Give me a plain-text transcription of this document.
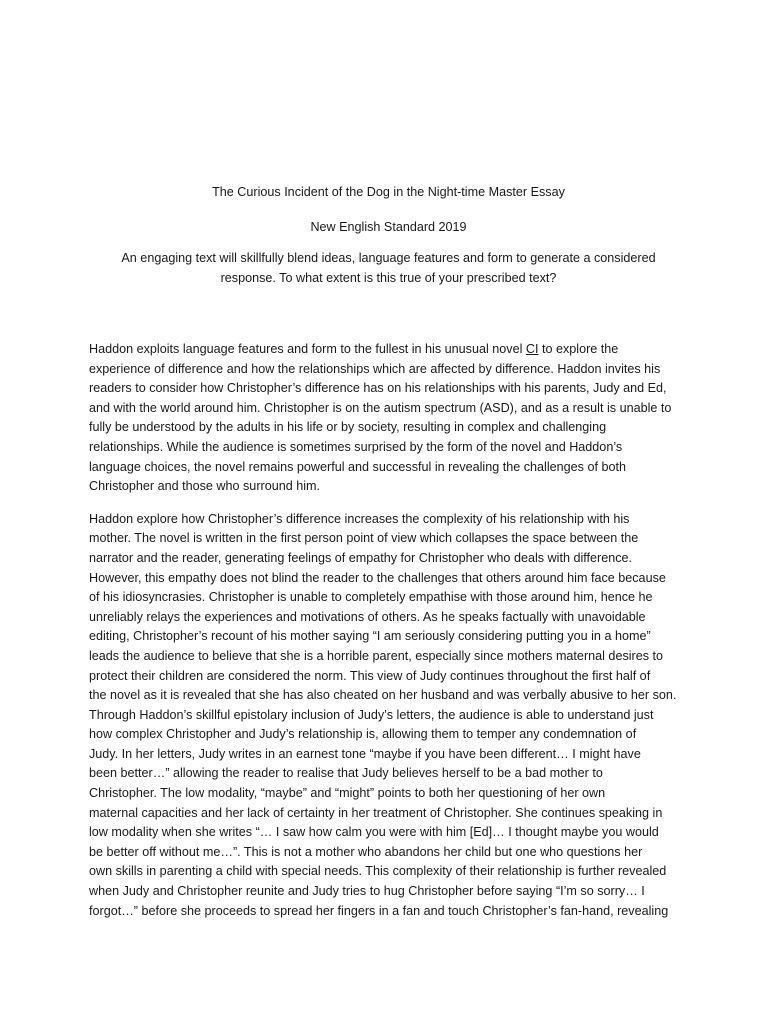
The Curious Incident of the Dog in the Night-time Master Essay

New English Standard 2019

An engaging text will skillfully blend ideas, language features and form to generate a considered
response. To what extent is this true of your prescribed text?

Haddon exploits language features and form to the fullest in his unusual novel CI to explore the
experience of difference and how the relationships which are affected by difference. Haddon invites his
readers to consider how Christopher’s difference has on his relationships with his parents, Judy and Ed,
and with the world around him. Christopher is on the autism spectrum (ASD), and as a result is unable to
fully be understood by the adults in his life or by society, resulting in complex and challenging
relationships. While the audience is sometimes surprised by the form of the novel and Haddon’s
language choices, the novel remains powerful and successful in revealing the challenges of both
Christopher and those who surround him.

Haddon explore how Christopher’s difference increases the complexity of his relationship with his
mother. The novel is written in the first person point of view which collapses the space between the
narrator and the reader, generating feelings of empathy for Christopher who deals with difference.
However, this empathy does not blind the reader to the challenges that others around him face because
of his idiosyncrasies. Christopher is unable to completely empathise with those around him, hence he
unreliably relays the experiences and motivations of others. As he speaks factually with unavoidable
editing, Christopher’s recount of his mother saying “I am seriously considering putting you in a home”
leads the audience to believe that she is a horrible parent, especially since mothers maternal desires to
protect their children are considered the norm. This view of Judy continues throughout the first half of
the novel as it is revealed that she has also cheated on her husband and was verbally abusive to her son.
Through Haddon’s skillful epistolary inclusion of Judy’s letters, the audience is able to understand just
how complex Christopher and Judy’s relationship is, allowing them to temper any condemnation of
Judy. In her letters, Judy writes in an earnest tone “maybe if you have been different… I might have
been better…” allowing the reader to realise that Judy believes herself to be a bad mother to
Christopher. The low modality, “maybe” and “might” points to both her questioning of her own
maternal capacities and her lack of certainty in her treatment of Christopher. She continues speaking in
low modality when she writes “… I saw how calm you were with him [Ed]… I thought maybe you would
be better off without me…”. This is not a mother who abandons her child but one who questions her
own skills in parenting a child with special needs. This complexity of their relationship is further revealed
when Judy and Christopher reunite and Judy tries to hug Christopher before saying “I’m so sorry… I
forgot…” before she proceeds to spread her fingers in a fan and touch Christopher’s fan-hand, revealing
